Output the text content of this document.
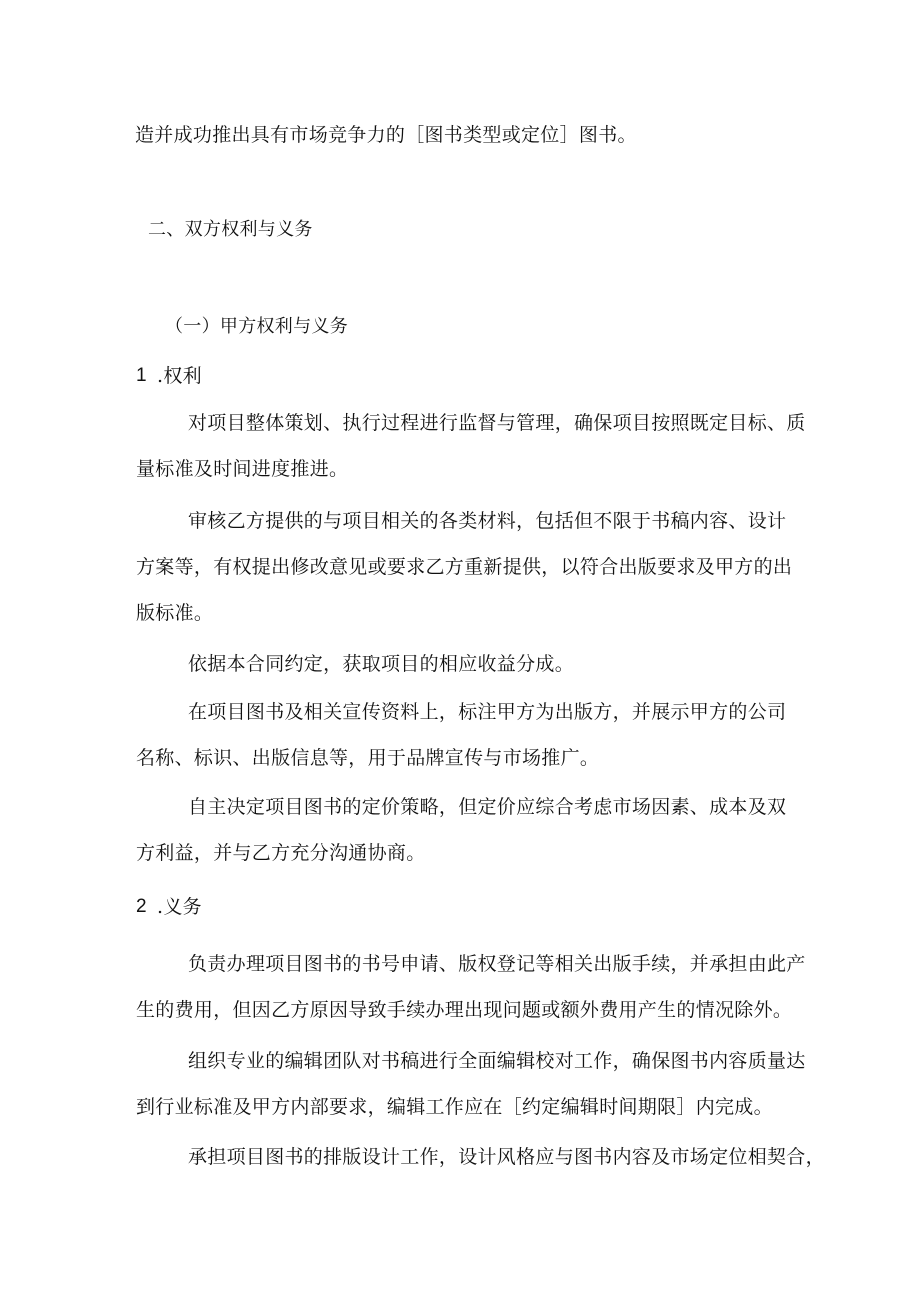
造并成功推出具有市场竞争力的［图书类型或定位］图书。
二、双方权利与义务
（一）甲方权利与义务
1 .权利
对项目整体策划、执行过程进行监督与管理，确保项目按照既定目标、质
量标准及时间进度推进。
审核乙方提供的与项目相关的各类材料，包括但不限于书稿内容、设计
方案等，有权提出修改意见或要求乙方重新提供，以符合出版要求及甲方的出
版标准。
依据本合同约定，获取项目的相应收益分成。
在项目图书及相关宣传资料上，标注甲方为出版方，并展示甲方的公司
名称、标识、出版信息等，用于品牌宣传与市场推广。
自主决定项目图书的定价策略，但定价应综合考虑市场因素、成本及双
方利益，并与乙方充分沟通协商。
2 .义务
负责办理项目图书的书号申请、版权登记等相关出版手续，并承担由此产
生的费用，但因乙方原因导致手续办理出现问题或额外费用产生的情况除外。
组织专业的编辑团队对书稿进行全面编辑校对工作，确保图书内容质量达
到行业标准及甲方内部要求，编辑工作应在［约定编辑时间期限］内完成。
承担项目图书的排版设计工作，设计风格应与图书内容及市场定位相契合，
